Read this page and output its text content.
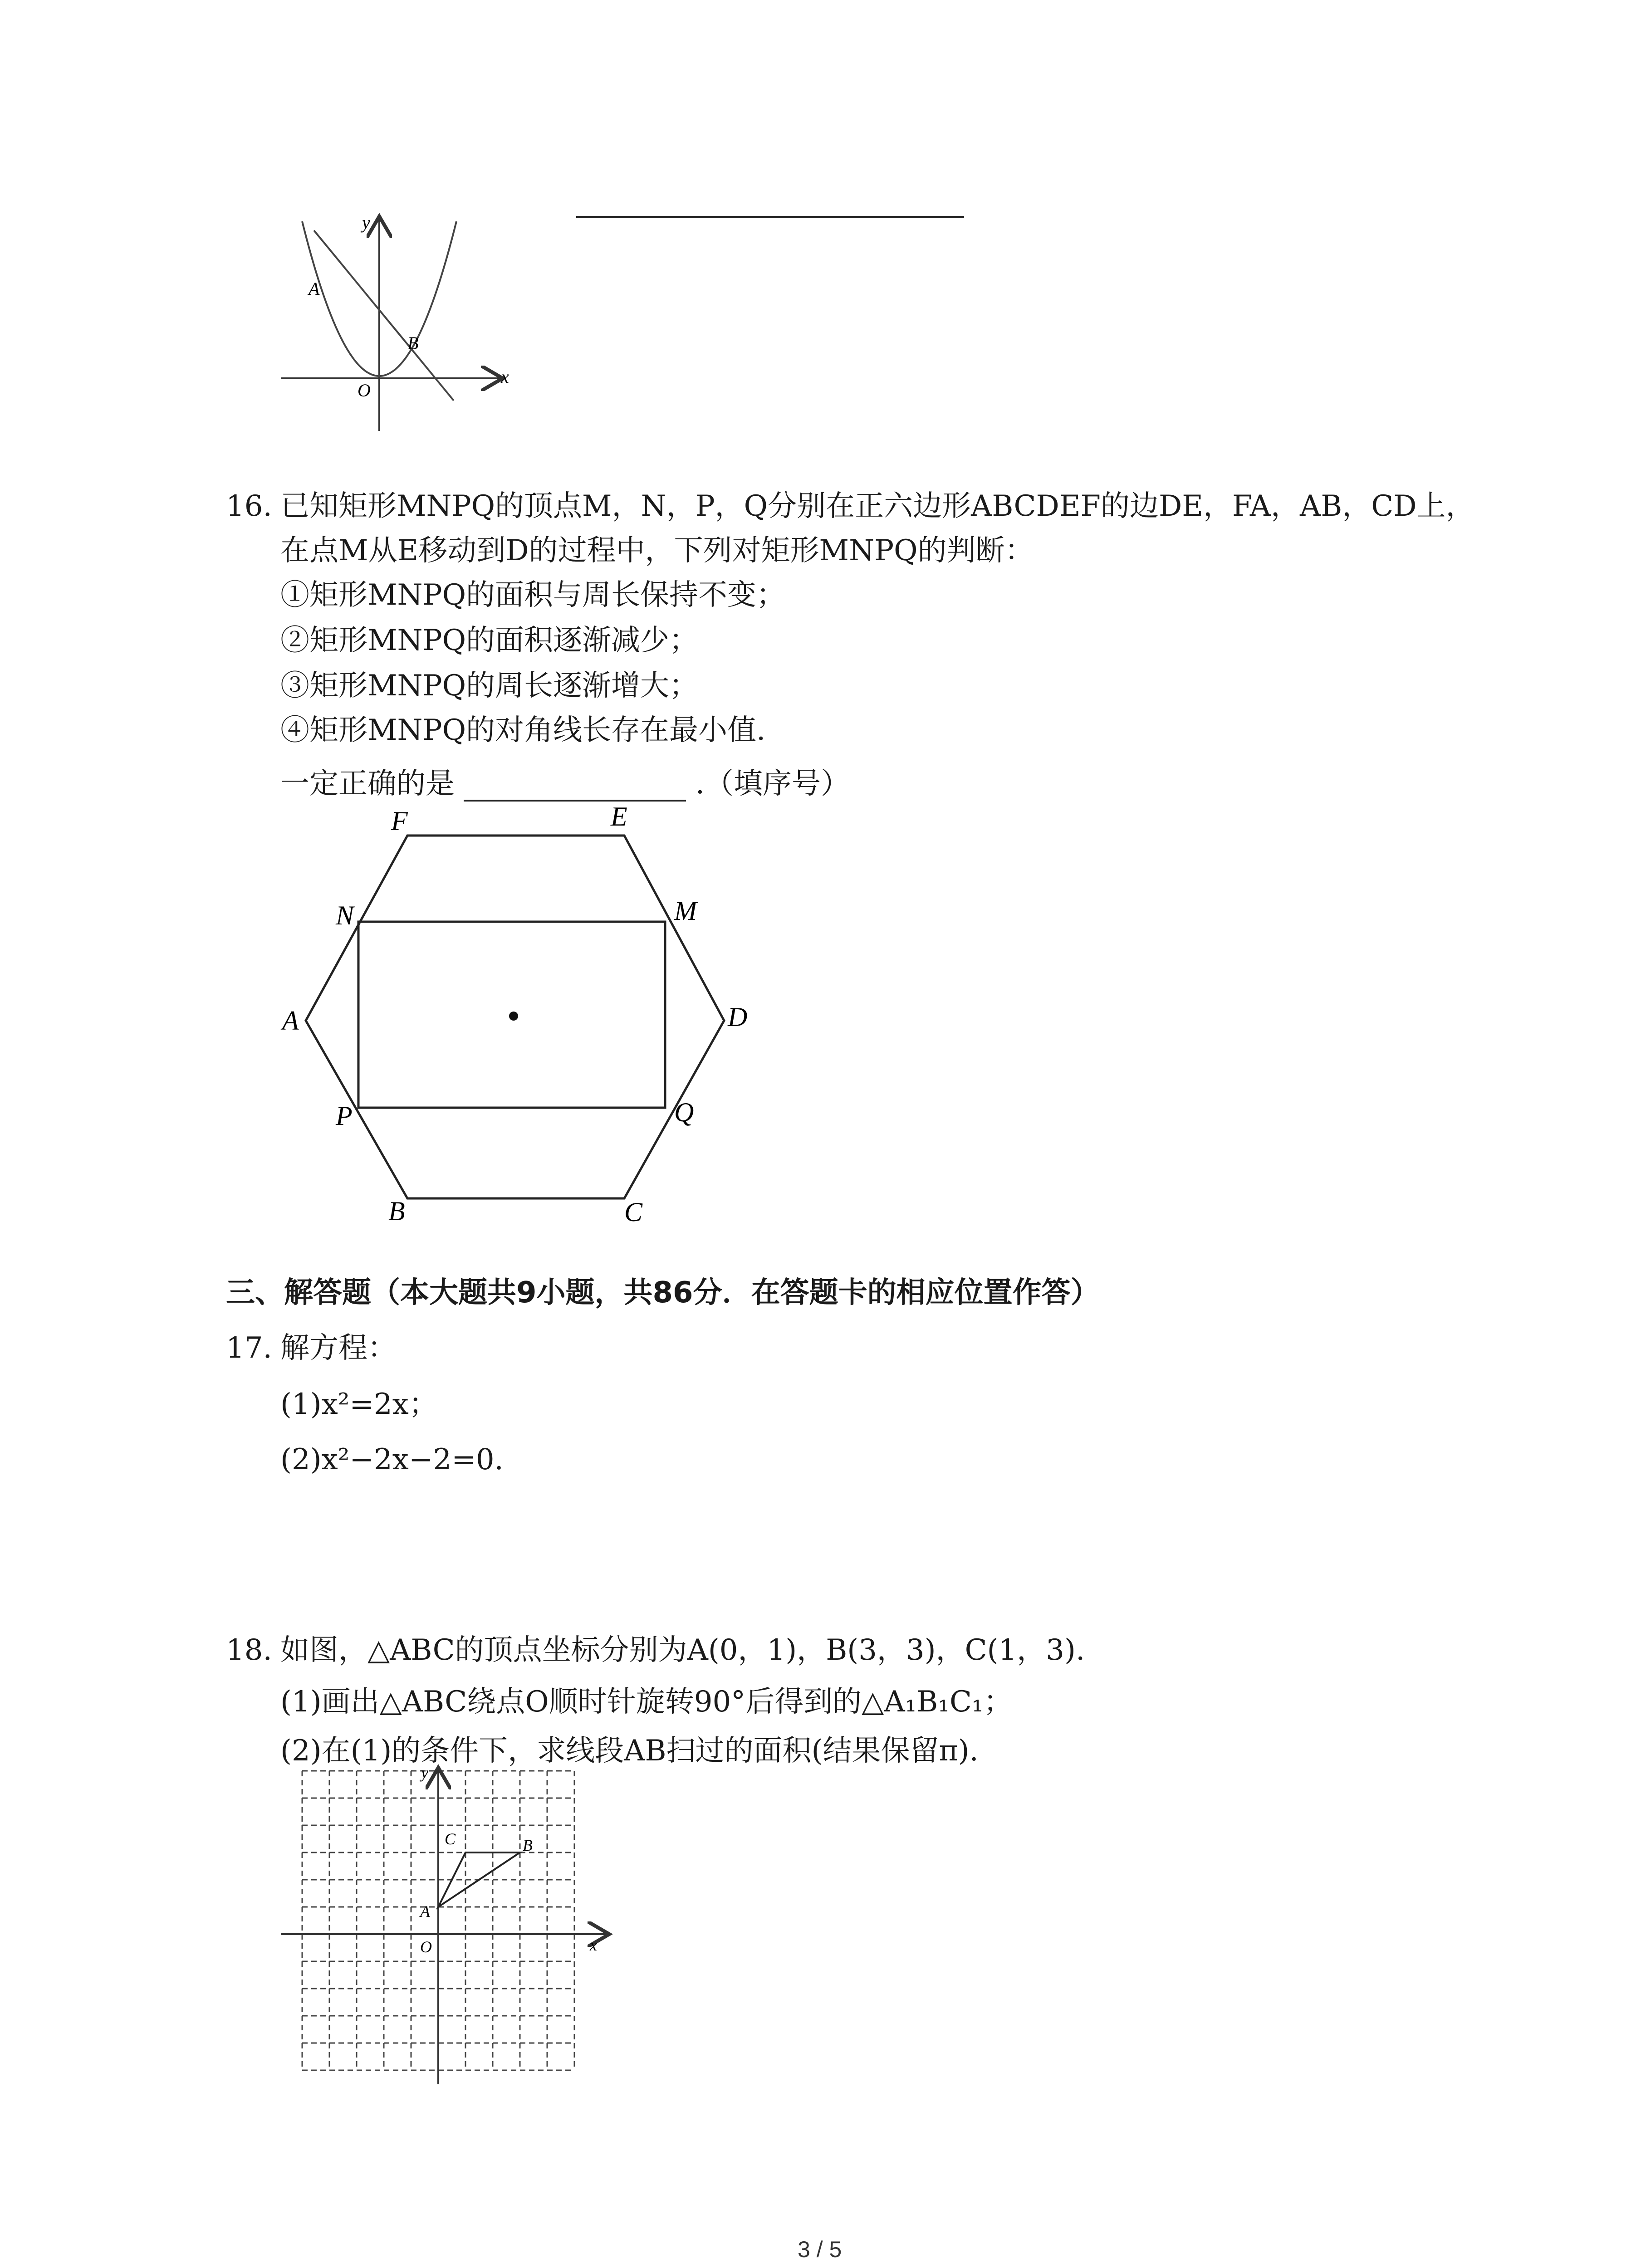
y
x
A
B
O
16. 已知矩形MNPQ的顶点M，N，P，Q分别在正六边形ABCDEF的边DE，FA，AB，CD上，
在点M从E移动到D的过程中，下列对矩形MNPQ的判断：
①矩形MNPQ的面积与周长保持不变；
②矩形MNPQ的面积逐渐减少；
③矩形MNPQ的周长逐渐增大；
④矩形MNPQ的对角线长存在最小值.
一定正确的是	.（填序号）
F	E
N	M
A	D
P	Q
B	C
三、解答题（本大题共9小题，共86分．在答题卡的相应位置作答）
17. 解方程：
(1)x²=2x；
(2)x²−2x−2=0.
18. 如图，△ABC的顶点坐标分别为A(0，1)，B(3，3)，C(1，3).
(1)画出△ABC绕点O顺时针旋转90°后得到的△A₁B₁C₁；
(2)在(1)的条件下，求线段AB扫过的面积(结果保留π).
y
x
C	B
A
O
3 / 5
